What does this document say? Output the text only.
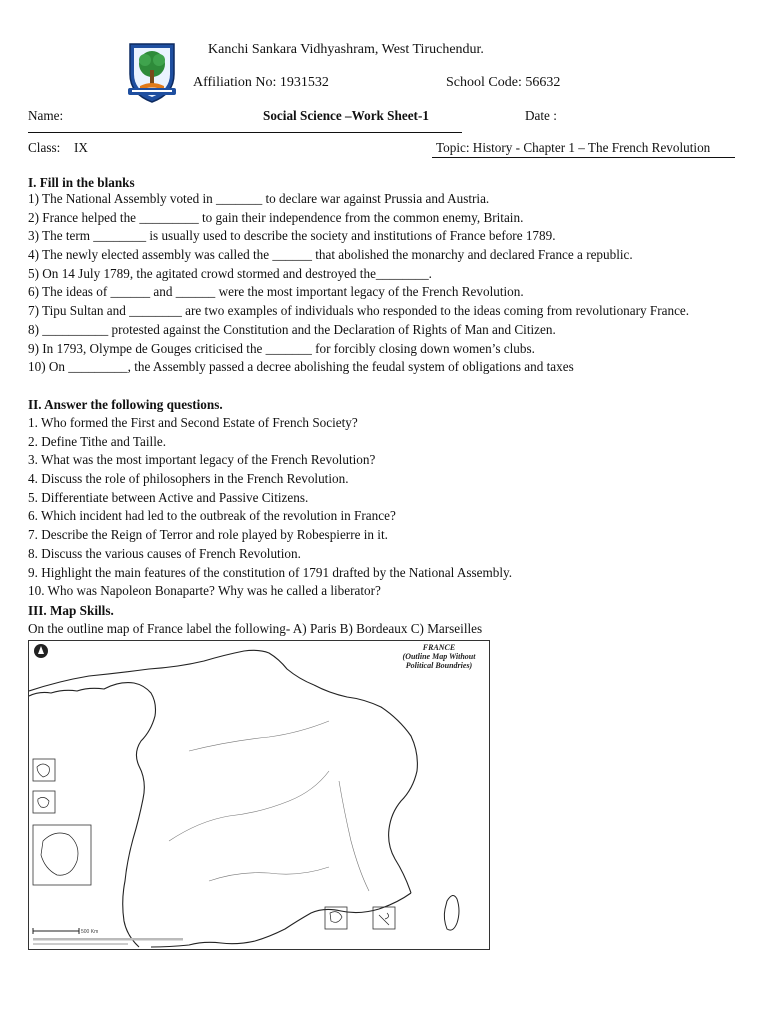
Kanchi Sankara Vidhyashram, West Tiruchendur.
Affiliation No: 1931532	School Code: 56632
Name:	Social Science –Work Sheet-1	Date :
Class: IX	Topic: History - Chapter 1 – The French Revolution
I. Fill in the blanks
1) The National Assembly voted in _______ to declare war against Prussia and Austria.
2) France helped the _________ to gain their independence from the common enemy, Britain.
3) The term ________ is usually used to describe the society and institutions of France before 1789.
4) The newly elected assembly was called the ______ that abolished the monarchy and declared France a republic.
5) On 14 July 1789, the agitated crowd stormed and destroyed the________.
6) The ideas of ______ and ______ were the most important legacy of the French Revolution.
7) Tipu Sultan and ________ are two examples of individuals who responded to the ideas coming from revolutionary France.
8) __________ protested against the Constitution and the Declaration of Rights of Man and Citizen.
9) In 1793, Olympe de Gouges criticised the _______ for forcibly closing down women’s clubs.
10) On _________, the Assembly passed a decree abolishing the feudal system of obligations and taxes
II. Answer the following questions.
1. Who formed the First and Second Estate of French Society?
2. Define Tithe and Taille.
3. What was the most important legacy of the French Revolution?
4. Discuss the role of philosophers in the French Revolution.
5. Differentiate between Active and Passive Citizens.
6. Which incident had led to the outbreak of the revolution in France?
7. Describe the Reign of Terror and role played by Robespierre in it.
8. Discuss the various causes of French Revolution.
9. Highlight the main features of the constitution of 1791 drafted by the National Assembly.
10. Who was Napoleon Bonaparte? Why was he called a liberator?
III. Map Skills.
On the outline map of France label the following- A) Paris B) Bordeaux C) Marseilles
FRANCE
(Outline Map Without
Political Boundries)
500 Km
